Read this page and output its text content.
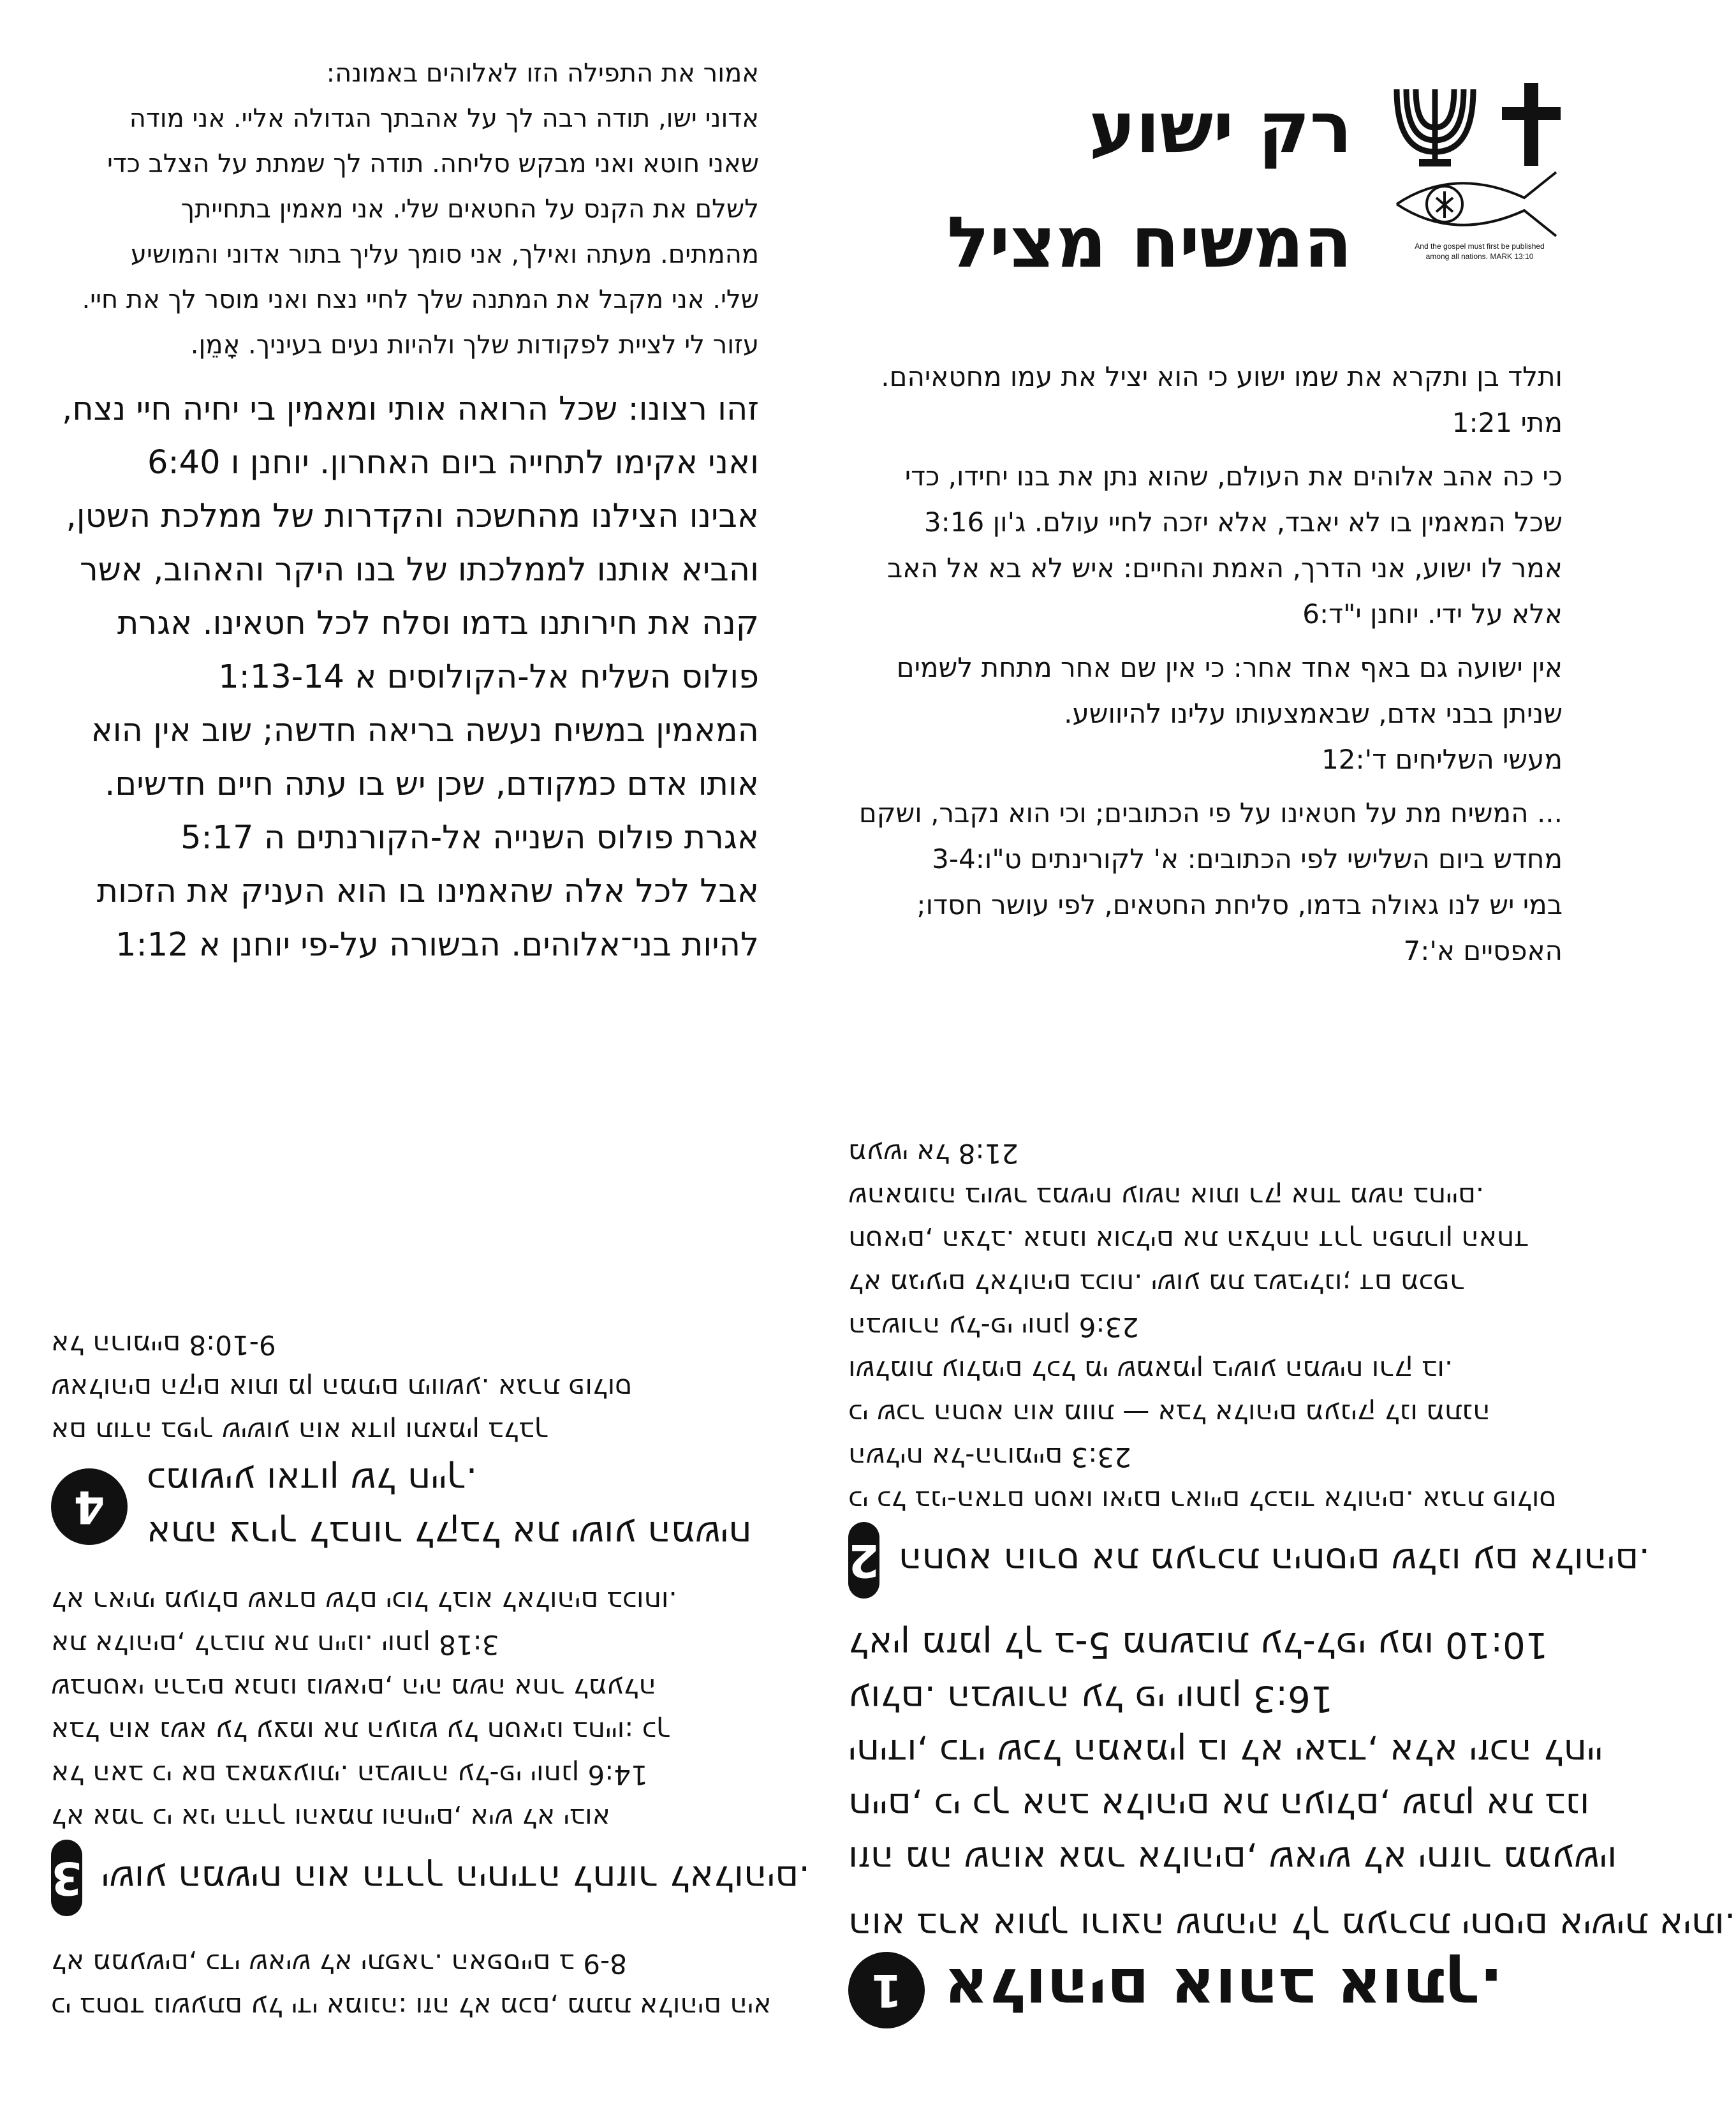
אמור את התפילה הזו לאלוהים באמונה:
אדוני ישו, תודה רבה לך על אהבתך הגדולה אליי. אני מודה
שאני חוטא ואני מבקש סליחה. תודה לך שמתת על הצלב כדי
לשלם את הקנס על החטאים שלי. אני מאמין בתחייתך
מהמתים. מעתה ואילך, אני סומך עליך בתור אדוני והמושיע
שלי. אני מקבל את המתנה שלך לחיי נצח ואני מוסר לך את חיי.
עזור לי לציית לפקודות שלך ולהיות נעים בעיניך. אָמֵן.
זהו רצונו: שכל הרואה אותי ומאמין בי יחיה חיי נצח,
ואני אקימו לתחייה ביום האחרון. יוחנן ו 6:40
אבינו הצילנו מהחשכה והקדרות של ממלכת השטן,
והביא אותנו לממלכתו של בנו היקר והאהוב, אשר
קנה את חירותנו בדמו וסלח לכל חטאינו. אגרת
פולוס השליח אל-הקולוסים א 1:13-14
המאמין במשיח נעשה בריאה חדשה; שוב אין הוא
אותו אדם כמקודם, שכן יש בו עתה חיים חדשים.
אגרת פולוס השנייה אל-הקורנתים ה 5:17
אבל לכל אלה שהאמינו בו הוא העניק את הזכות
להיות בני־אלוהים. הבשורה על-פי יוחנן א 1:12
רק ישוע
המשיח מציל	And the gospel must first be published
among all nations. MARK 13:10

ותלד בן ותקרא את שמו ישוע כי הוא יציל את עמו מחטאיהם.
מתי 1:21

כי כה אהב אלוהים את העולם, שהוא נתן את בנו יחידו, כדי
שכל המאמין בו לא יאבד, אלא יזכה לחיי עולם. ג'ון 3:16
אמר לו ישוע, אני הדרך, האמת והחיים: איש לא בא אל האב
אלא על ידי. יוחנן י"ד:6

אין ישועה גם באף אחד אחר: כי אין שם אחר מתחת לשמים
שניתן בבני אדם, שבאמצעותו עלינו להיוושע.
מעשי השליחים ד':12

... המשיח מת על חטאינו על פי הכתובים; וכי הוא נקבר, ושקם
מחדש ביום השלישי לפי הכתובים: א' לקורינתים ט"ו:3-4
במי יש לנו גאולה בדמו, סליחת החטאים, לפי עושר חסדו;
האפסיים א':7

1 אלוהים אוהב אותך.
הוא ברא אותך ורוצה שתהיה לך מערכת יחסים אישית איתו.
וזה מה שהוא אמר אלוהים, שאיש לא יחזור ממעשיו
חיים, כי כך אהב אלוהים את העולם, שנתן את בנו
יחידו, כדי שכל המאמין בו לא יאבד, אלא יזכה לחיי
עולם. הבשורה על פי יוחנן 16:3
לאין מזמן לך ב-5 מחשבות על-לפי עמו 10:10
2 החטא הורס את מערכת היחסים שלנו עם אלוהים.
כי כל בני-האדם חטאו ואינם ראויים לכבוד אלוהים. אגרת פולוס
השליח אל-הרומיים 23:3
כי שכר החטא הוא מוות — אבל אלוהים מעניק לנו מתנה
ושלמות עולמים לכל מי שמאמין בישוע המשיח ורק בו.
הבשורה על-פי יוחנן 23:6
לא מגיעים לאלוהים בכוח. ישוע מת בשבילנו; דם מכפר
חטאים, הצלב. אנחנו אוכלים את הצלחה דרך הפתרון האחד
שהאמונה ביושר במשיח עושה אותו רק אחד משה בחיים.
מעשי אל 21:8
כי בחסד נושעתם על ידי אמונה: וזה לא מכם, מתנת אלוהים היא
לא ממעשים, כדי שאיש לא יתפאר. האפסיים ב 8-9
3 ישוע המשיח הוא הדרך היחידה לחזור לאלוהים.
לא אמר כי אני הדרך והאמת והחיים, איש לא יבוא
אל האב כי אם באמצעותי. הבשורה על-פי יוחנן 14:6
אבל הוא נשא על עצמו את העונש על חטאינו בחייו: כך
שבחטאי הרבים אנחנו נושאים, היה משה אחר למעלה
את אלוהים, לרבות את חיינו. יוחנן 3:18
לא ראיתי מעולם שאדם שלם יכול לבוא לאלוהים בכוחו.
4
אתה צריך לבחור לקבל את ישוע המשיח
כמושיע ואדון של חייך.
אם תודה בפיך שישוע הוא אדון ותאמין בלבך
שאלוהים הקים אותו מן המתים תיוושע. אגרת פולוס
אל הרומיים 9-10:8
